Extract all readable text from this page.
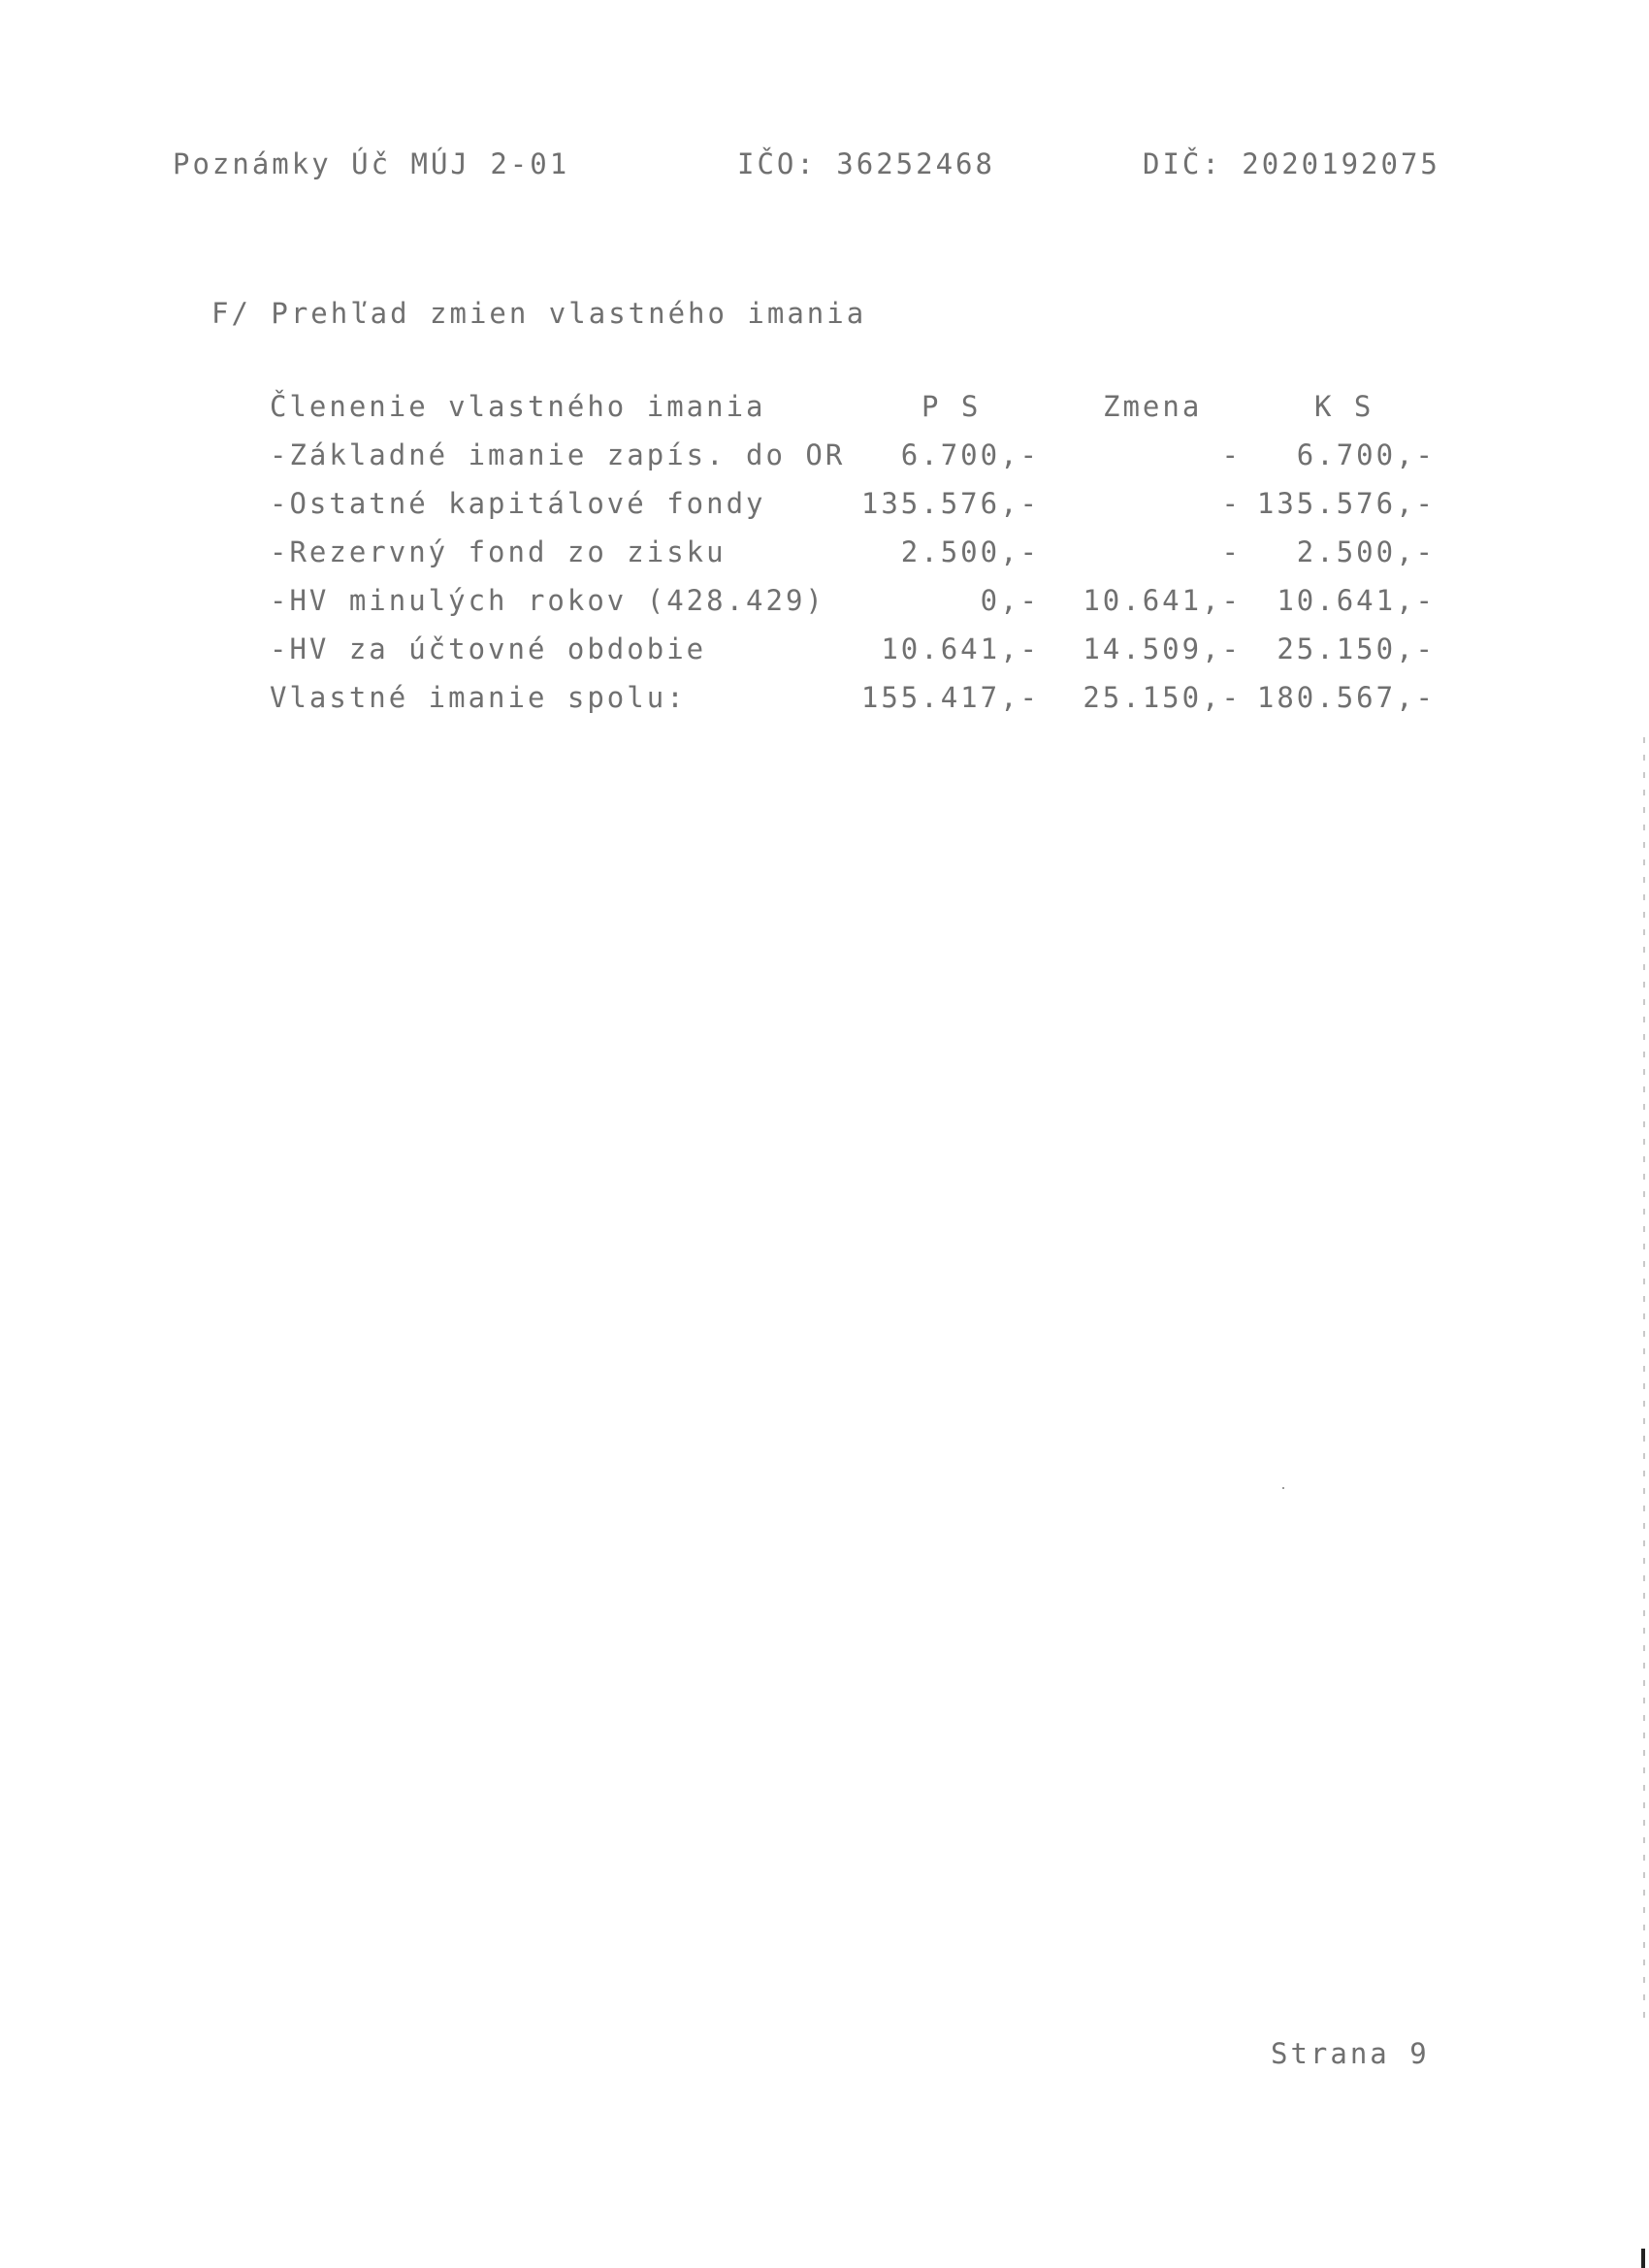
Poznámky Úč MÚJ 2-01	IČO: 36252468	DIČ: 2020192075
F/ Prehľad zmien vlastného imania
Členenie vlastného imania	P S	Zmena	K S
-Základné imanie zapís. do OR	6.700,-	-	6.700,-
-Ostatné kapitálové fondy	135.576,-	- 135.576,-
-Rezervný fond zo zisku	2.500,-	-	2.500,-
-HV minulých rokov (428.429)	0,-	10.641,-	10.641,-
-HV za účtovné obdobie	10.641,-	14.509,-	25.150,-
Vlastné imanie spolu:	155.417,-	25.150,- 180.567,-
Strana 9
